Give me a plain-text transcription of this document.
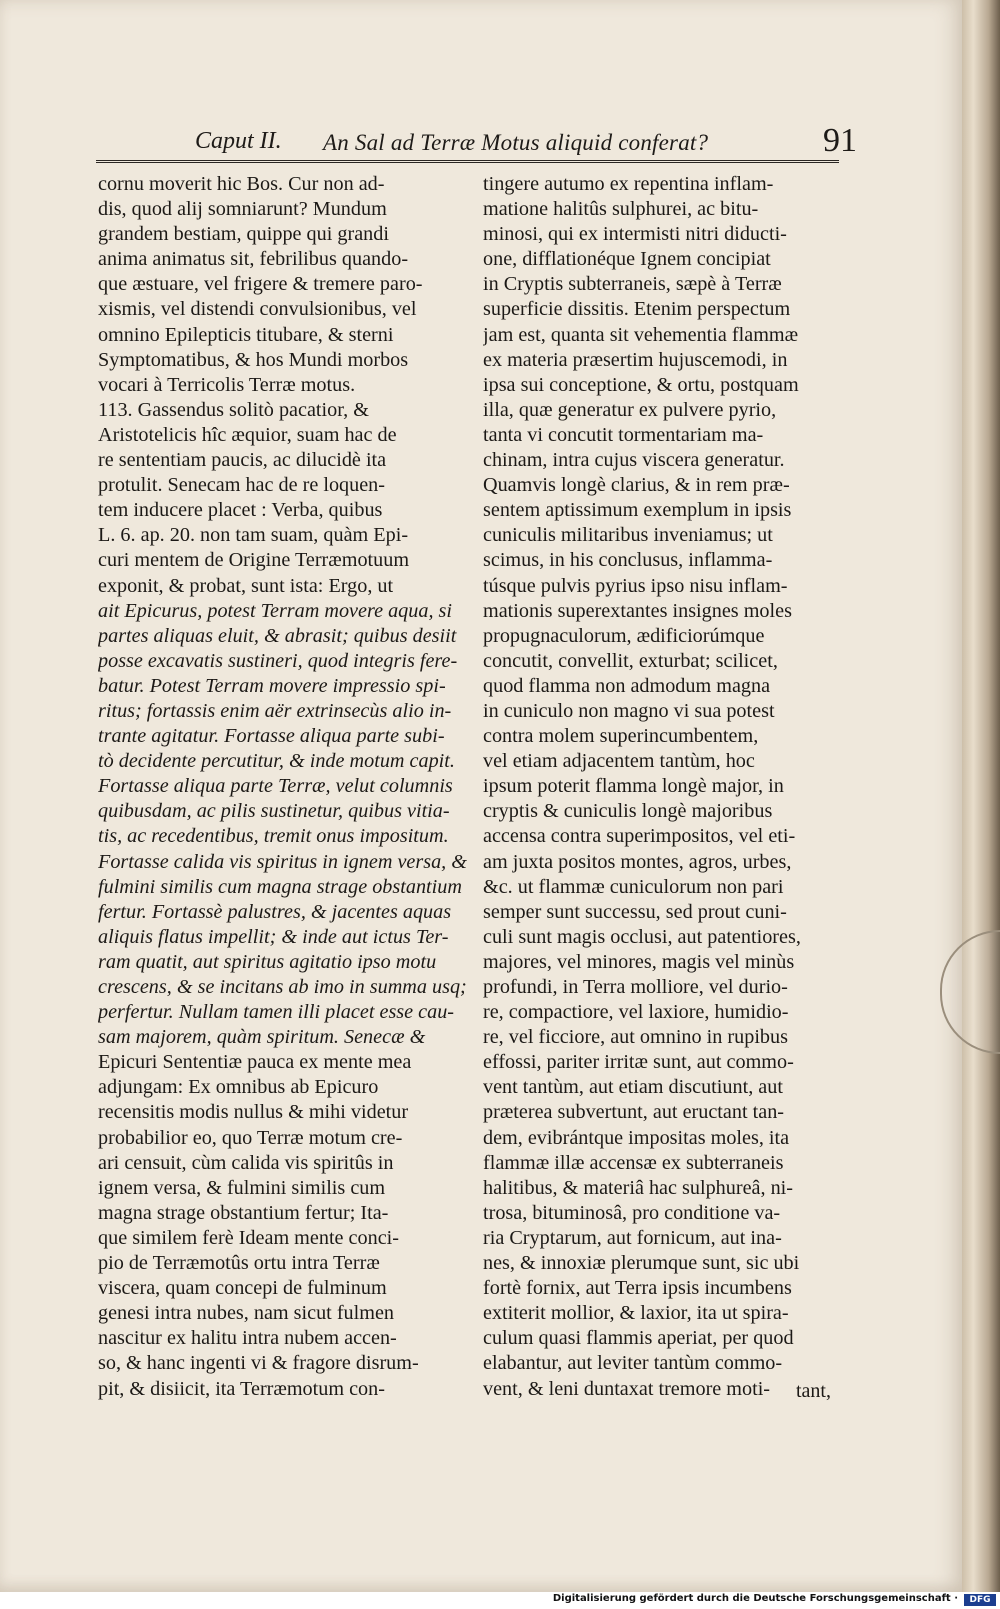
Caput II. An Sal ad Terræ Motus aliquid conferat?	91
cornu moverit hic Bos. Cur non ad-
dis, quod alij somniarunt? Mundum
grandem bestiam, quippe qui grandi
anima animatus sit, febrilibus quando-
que æstuare, vel frigere & tremere paro-
xismis, vel distendi convulsionibus, vel
omnino Epilepticis titubare, & sterni
Symptomatibus, & hos Mundi morbos
vocari à Terricolis Terræ motus.
113. Gassendus solitò pacatior, &
Aristotelicis hîc æquior, suam hac de
re sententiam paucis, ac dilucidè ita
protulit. Senecam hac de re loquen-
tem inducere placet : Verba, quibus
L. 6. ap. 20. non tam suam, quàm Epi-
curi mentem de Origine Terræmotuum
exponit, & probat, sunt ista: Ergo, ut
ait Epicurus, potest Terram movere aqua, si
partes aliquas eluit, & abrasit; quibus desiit
posse excavatis sustineri, quod integris fere-
batur. Potest Terram movere impressio spi-
ritus; fortassis enim aër extrinsecùs alio in-
trante agitatur. Fortasse aliqua parte subi-
tò decidente percutitur, & inde motum capit.
Fortasse aliqua parte Terræ, velut columnis
quibusdam, ac pilis sustinetur, quibus vitia-
tis, ac recedentibus, tremit onus impositum.
Fortasse calida vis spiritus in ignem versa, &
fulmini similis cum magna strage obstantium
fertur. Fortassè palustres, & jacentes aquas
aliquis flatus impellit; & inde aut ictus Ter-
ram quatit, aut spiritus agitatio ipso motu
crescens, & se incitans ab imo in summa usq;
perfertur. Nullam tamen illi placet esse cau-
sam majorem, quàm spiritum. Senecæ &
Epicuri Sententiæ pauca ex mente mea
adjungam: Ex omnibus ab Epicuro
recensitis modis nullus & mihi videtur
probabilior eo, quo Terræ motum cre-
ari censuit, cùm calida vis spiritûs in
ignem versa, & fulmini similis cum
magna strage obstantium fertur; Ita-
que similem ferè Ideam mente conci-
pio de Terræmotûs ortu intra Terræ
viscera, quam concepi de fulminum
genesi intra nubes, nam sicut fulmen
nascitur ex halitu intra nubem accen-
so, & hanc ingenti vi & fragore disrum-
pit, & disiicit, ita Terræmotum con-
tingere autumo ex repentina inflam-
matione halitûs sulphurei, ac bitu-
minosi, qui ex intermisti nitri diducti-
one, difflationéque Ignem concipiat
in Cryptis subterraneis, sæpè à Terræ
superficie dissitis. Etenim perspectum
jam est, quanta sit vehementia flammæ
ex materia præsertim hujuscemodi, in
ipsa sui conceptione, & ortu, postquam
illa, quæ generatur ex pulvere pyrio,
tanta vi concutit tormentariam ma-
chinam, intra cujus viscera generatur.
Quamvis longè clarius, & in rem præ-
sentem aptissimum exemplum in ipsis
cuniculis militaribus inveniamus; ut
scimus, in his conclusus, inflamma-
túsque pulvis pyrius ipso nisu inflam-
mationis superextantes insignes moles
propugnaculorum, ædificiorúmque
concutit, convellit, exturbat; scilicet,
quod flamma non admodum magna
in cuniculo non magno vi sua potest
contra molem superincumbentem,
vel etiam adjacentem tantùm, hoc
ipsum poterit flamma longè major, in
cryptis & cuniculis longè majoribus
accensa contra superimpositos, vel eti-
am juxta positos montes, agros, urbes,
&c. ut flammæ cuniculorum non pari
semper sunt successu, sed prout cuni-
culi sunt magis occlusi, aut patentiores,
majores, vel minores, magis vel minùs
profundi, in Terra molliore, vel durio-
re, compactiore, vel laxiore, humidio-
re, vel ficciore, aut omnino in rupibus
effossi, pariter irritæ sunt, aut commo-
vent tantùm, aut etiam discutiunt, aut
præterea subvertunt, aut eructant tan-
dem, evibrántque impositas moles, ita
flammæ illæ accensæ ex subterraneis
halitibus, & materiâ hac sulphureâ, ni-
trosa, bituminosâ, pro conditione va-
ria Cryptarum, aut fornicum, aut ina-
nes, & innoxiæ plerumque sunt, sic ubi
fortè fornix, aut Terra ipsis incumbens
extiterit mollior, & laxior, ita ut spira-
culum quasi flammis aperiat, per quod
elabantur, aut leviter tantùm commo-
vent, & leni duntaxat tremore moti-	tant,
Digitalisierung gefördert durch die Deutsche Forschungsgemeinschaft ·	DFG
